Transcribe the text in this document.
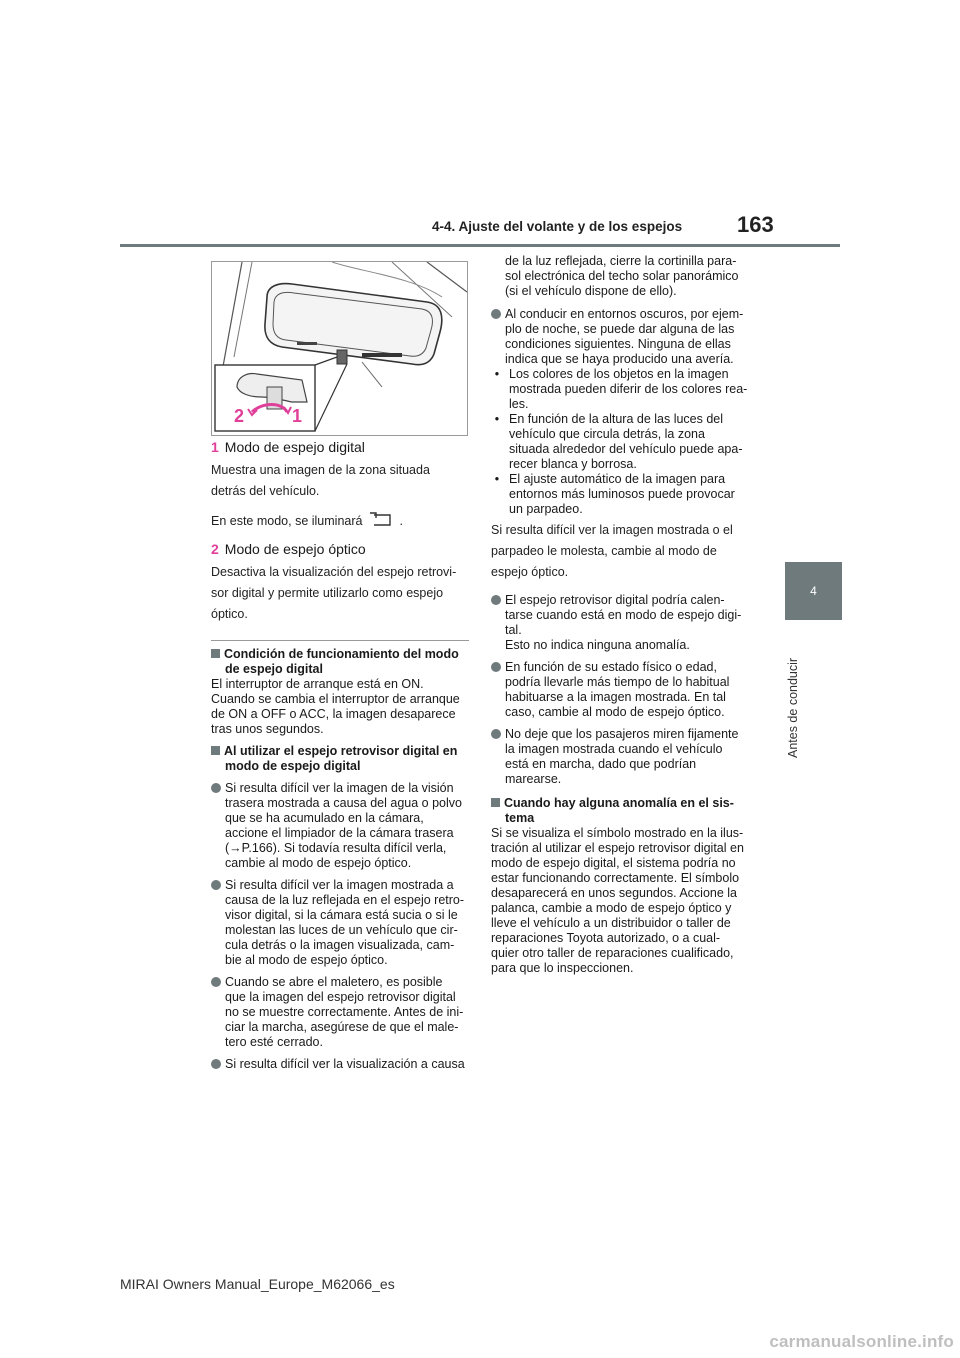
4-4. Ajuste del volante y de los espejos 163
4
Antes de conducir
2	1
1 Modo de espejo digital

Muestra una imagen de la zona situada

detrás del vehículo.

En este modo, se iluminará	.

2 Modo de espejo óptico

Desactiva la visualización del espejo retrovi-

sor digital y permite utilizarlo como espejo

óptico.

Condición de funcionamiento del modo

de espejo digital

El interruptor de arranque está en ON.

Cuando se cambia el interruptor de arranque

de ON a OFF o ACC, la imagen desaparece

tras unos segundos.

Al utilizar el espejo retrovisor digital en

modo de espejo digital

Si resulta difícil ver la imagen de la visión

trasera mostrada a causa del agua o polvo

que se ha acumulado en la cámara,

accione el limpiador de la cámara trasera

(→P.166). Si todavía resulta difícil verla,

cambie al modo de espejo óptico.

Si resulta difícil ver la imagen mostrada a

causa de la luz reflejada en el espejo retro-

visor digital, si la cámara está sucia o si le

molestan las luces de un vehículo que cir-

cula detrás o la imagen visualizada, cam-

bie al modo de espejo óptico.

Cuando se abre el maletero, es posible

que la imagen del espejo retrovisor digital

no se muestre correctamente. Antes de ini-

ciar la marcha, asegúrese de que el male-

tero esté cerrado.

Si resulta difícil ver la visualización a causa

de la luz reflejada, cierre la cortinilla para-

sol electrónica del techo solar panorámico

(si el vehículo dispone de ello).

Al conducir en entornos oscuros, por ejem-

plo de noche, se puede dar alguna de las

condiciones siguientes. Ninguna de ellas

indica que se haya producido una avería.

• Los colores de los objetos en la imagen

mostrada pueden diferir de los colores rea-

les.

• En función de la altura de las luces del

vehículo que circula detrás, la zona

situada alrededor del vehículo puede apa-

recer blanca y borrosa.

• El ajuste automático de la imagen para

entornos más luminosos puede provocar

un parpadeo.

Si resulta difícil ver la imagen mostrada o el

parpadeo le molesta, cambie al modo de

espejo óptico.

El espejo retrovisor digital podría calen-

tarse cuando está en modo de espejo digi-

tal.

Esto no indica ninguna anomalía.

En función de su estado físico o edad,

podría llevarle más tiempo de lo habitual

habituarse a la imagen mostrada. En tal

caso, cambie al modo de espejo óptico.

No deje que los pasajeros miren fijamente

la imagen mostrada cuando el vehículo

está en marcha, dado que podrían

marearse.

Cuando hay alguna anomalía en el sis-

tema

Si se visualiza el símbolo mostrado en la ilus-

tración al utilizar el espejo retrovisor digital en

modo de espejo digital, el sistema podría no

estar funcionando correctamente. El símbolo

desaparecerá en unos segundos. Accione la

palanca, cambie a modo de espejo óptico y

lleve el vehículo a un distribuidor o taller de

reparaciones Toyota autorizado, o a cual-

quier otro taller de reparaciones cualificado,

para que lo inspeccionen.

MIRAI Owners Manual_Europe_M62066_es
carmanualsonline.info
